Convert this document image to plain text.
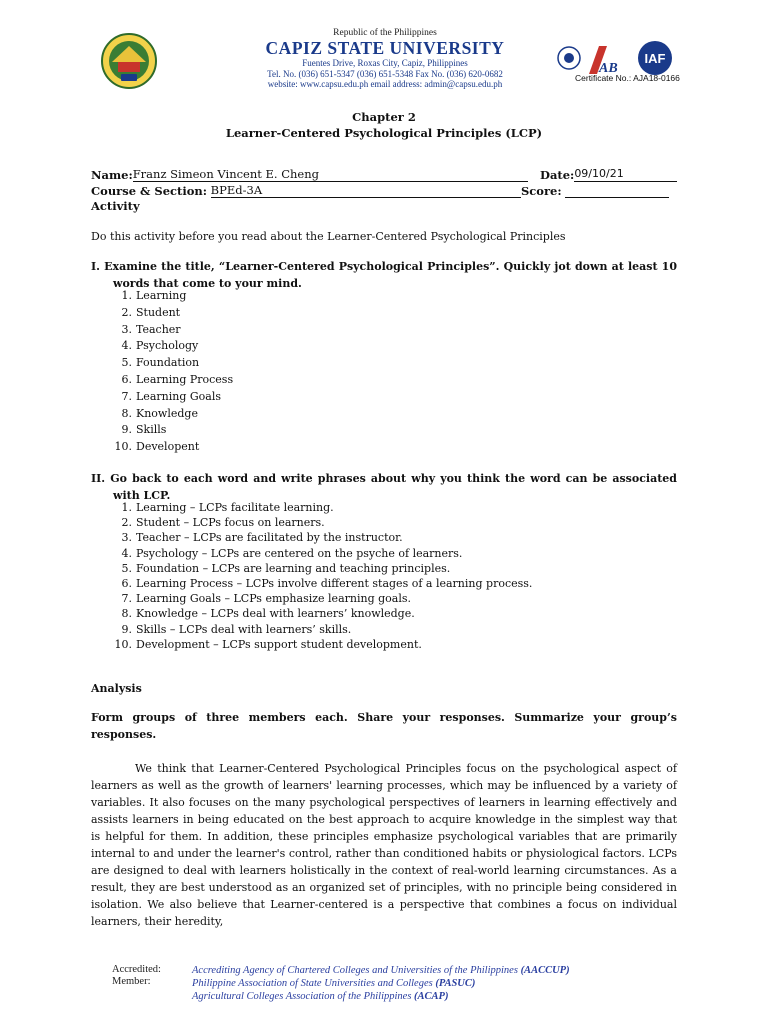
Republic of the Philippines
CAPIZ STATE UNIVERSITY
Fuentes Drive, Roxas City, Capiz, Philippines
Tel. No. (036) 651-5347 (036) 651-5348 Fax No. (036) 620-0682
website: www.capsu.edu.ph email address: admin@capsu.edu.ph
AB
IAF
Certificate No.: AJA18-0166
Chapter 2
Learner-Centered Psychological Principles (LCP)
Name:Franz Simeon Vincent E. Cheng	Date:09/10/21
Course & Section: BPEd-3A	Score:
Activity
Do this activity before you read about the Learner-Centered Psychological Principles
I. Examine the title, “Learner-Centered Psychological Principles”. Quickly jot down at least 10 words that come to your mind.
1. Learning
2. Student
3. Teacher
4. Psychology
5. Foundation
6. Learning Process
7. Learning Goals
8. Knowledge
9. Skills
10. Developent
II. Go back to each word and write phrases about why you think the word can be associated with LCP.
1. Learning – LCPs facilitate learning.
2. Student – LCPs focus on learners.
3. Teacher – LCPs are facilitated by the instructor.
4. Psychology – LCPs are centered on the psyche of learners.
5. Foundation – LCPs are learning and teaching principles.
6. Learning Process – LCPs involve different stages of a learning process.
7. Learning Goals – LCPs emphasize learning goals.
8. Knowledge – LCPs deal with learners’ knowledge.
9. Skills – LCPs deal with learners’ skills.
10. Development – LCPs support student development.
Analysis
Form groups of three members each. Share your responses. Summarize your group’s responses.
We think that Learner-Centered Psychological Principles focus on the psychological aspect of learners as well as the growth of learners' learning processes, which may be influenced by a variety of variables. It also focuses on the many psychological perspectives of learners in learning effectively and assists learners in being educated on the best approach to acquire knowledge in the simplest way that is helpful for them. In addition, these principles emphasize psychological variables that are primarily internal to and under the learner's control, rather than conditioned habits or physiological factors. LCPs are designed to deal with learners holistically in the context of real-world learning circumstances. As a result, they are best understood as an organized set of principles, with no principle being considered in isolation. We also believe that Learner-centered is a perspective that combines a focus on individual learners, their heredity,
Accredited:
Member:
Accrediting Agency of Chartered Colleges and Universities of the Philippines (AACCUP)
Philippine Association of State Universities and Colleges (PASUC)
Agricultural Colleges Association of the Philippines (ACAP)
